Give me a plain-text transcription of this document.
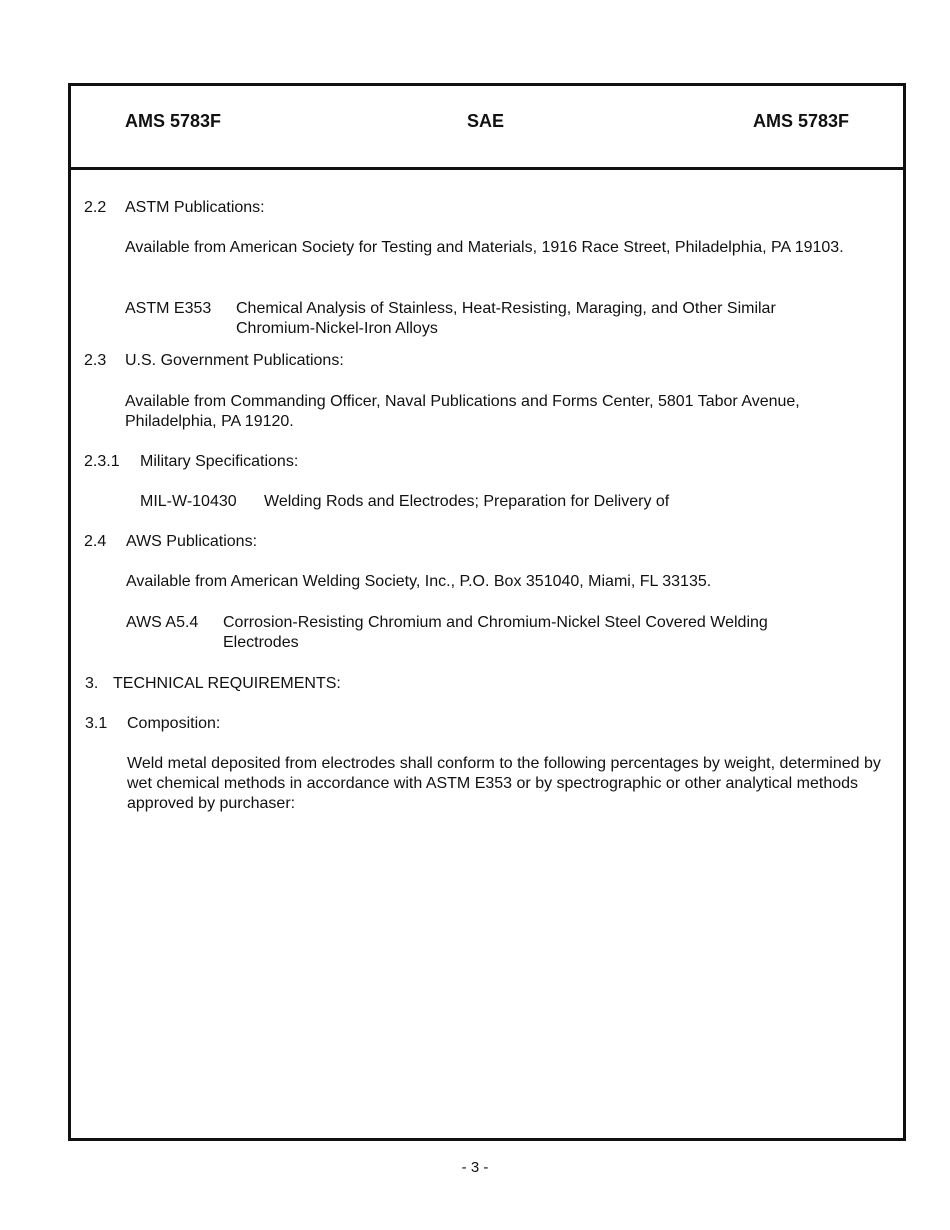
AMS 5783F	SAE	AMS 5783F
2.2 ASTM Publications:
Available from American Society for Testing and Materials, 1916 Race Street, Philadelphia, PA 19103.
ASTM E353 Chemical Analysis of Stainless, Heat-Resisting, Maraging, and Other Similar Chromium-Nickel-Iron Alloys
2.3 U.S. Government Publications:
Available from Commanding Officer, Naval Publications and Forms Center, 5801 Tabor Avenue, Philadelphia, PA 19120.
2.3.1 Military Specifications:
MIL-W-10430 Welding Rods and Electrodes; Preparation for Delivery of
2.4 AWS Publications:
Available from American Welding Society, Inc., P.O. Box 351040, Miami, FL 33135.
AWS A5.4 Corrosion-Resisting Chromium and Chromium-Nickel Steel Covered Welding Electrodes
3. TECHNICAL REQUIREMENTS:
3.1 Composition:
Weld metal deposited from electrodes shall conform to the following percentages by weight, determined by wet chemical methods in accordance with ASTM E353 or by spectrographic or other analytical methods approved by purchaser:
- 3 -
